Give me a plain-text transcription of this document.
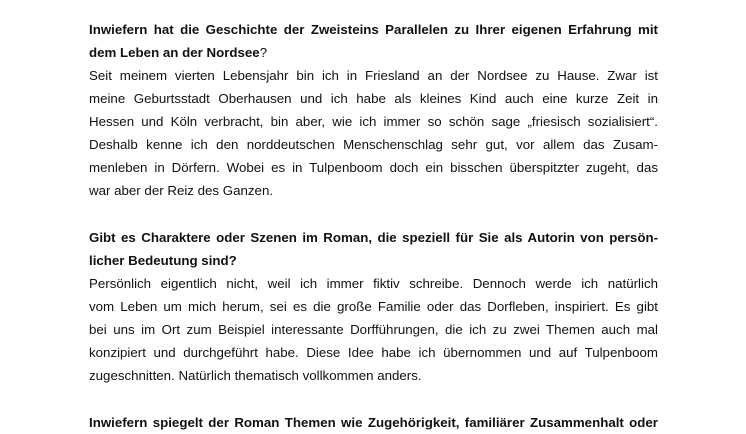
Inwiefern hat die Geschichte der Zweisteins Parallelen zu Ihrer eigenen Erfahrung mit
dem Leben an der Nordsee?
Seit meinem vierten Lebensjahr bin ich in Friesland an der Nordsee zu Hause. Zwar ist
meine Geburtsstadt Oberhausen und ich habe als kleines Kind auch eine kurze Zeit in
Hessen und Köln verbracht, bin aber, wie ich immer so schön sage „friesisch sozialisiert“.
Deshalb kenne ich den norddeutschen Menschenschlag sehr gut, vor allem das Zusam-
menleben in Dörfern. Wobei es in Tulpenboom doch ein bisschen überspitzter zugeht, das
war aber der Reiz des Ganzen.
Gibt es Charaktere oder Szenen im Roman, die speziell für Sie als Autorin von persön-
licher Bedeutung sind?
Persönlich eigentlich nicht, weil ich immer fiktiv schreibe. Dennoch werde ich natürlich
vom Leben um mich herum, sei es die große Familie oder das Dorfleben, inspiriert. Es gibt
bei uns im Ort zum Beispiel interessante Dorfführungen, die ich zu zwei Themen auch mal
konzipiert und durchgeführt habe. Diese Idee habe ich übernommen und auf Tulpenboom
zugeschnitten. Natürlich thematisch vollkommen anders.
Inwiefern spiegelt der Roman Themen wie Zugehörigkeit, familiärer Zusammenhalt oder
